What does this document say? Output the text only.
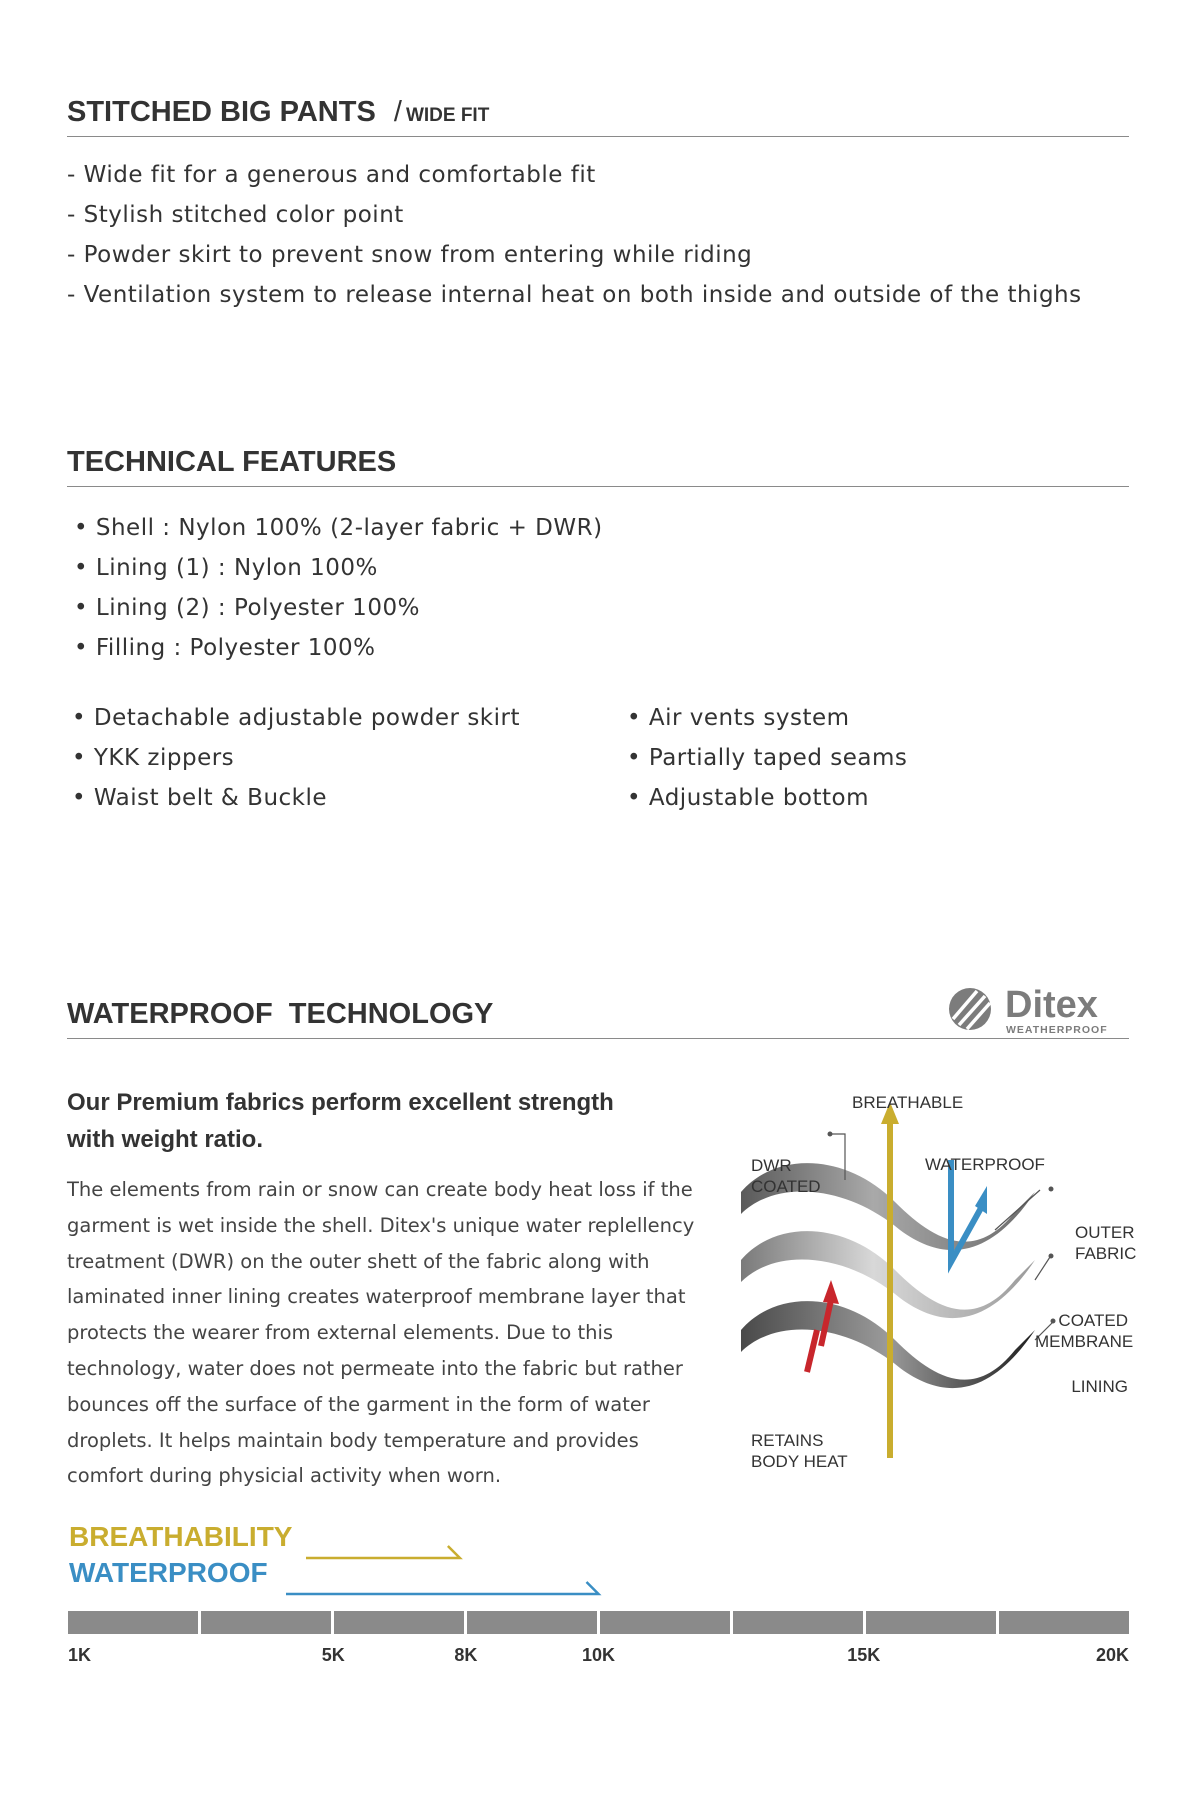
STITCHED BIG PANTS / WIDE FIT
- Wide fit for a generous and comfortable fit
- Stylish stitched color point
- Powder skirt to prevent snow from entering while riding
- Ventilation system to release internal heat on both inside and outside of the thighs
TECHNICAL FEATURES
• Shell : Nylon 100% (2-layer fabric + DWR)
• Lining (1) : Nylon 100%
• Lining (2) : Polyester 100%
• Filling : Polyester 100%
• Detachable adjustable powder skirt
• YKK zippers
• Waist belt & Buckle
• Air vents system
• Partially taped seams
• Adjustable bottom
WATERPROOF  TECHNOLOGY	Ditex
WEATHERPROOF
Our Premium fabrics perform excellent strength
with weight ratio.
The elements from rain or snow can create body heat loss if the
garment is wet inside the shell. Ditex's unique water replellency
treatment (DWR) on the outer shett of the fabric along with
laminated inner lining creates waterproof membrane layer that
protects the wearer from external elements. Due to this
technology, water does not permeate into the fabric but rather
bounces off the surface of the garment in the form of water
droplets. It helps maintain body temperature and provides
comfort during physicial activity when worn.
BREATHABLE
DWR
COATED
WATERPROOF
OUTER
FABRIC
COATED
MEMBRANE
LINING
RETAINS
BODY HEAT
BREATHABILITY
WATERPROOF
1K	5K	8K	10K	15K	20K
